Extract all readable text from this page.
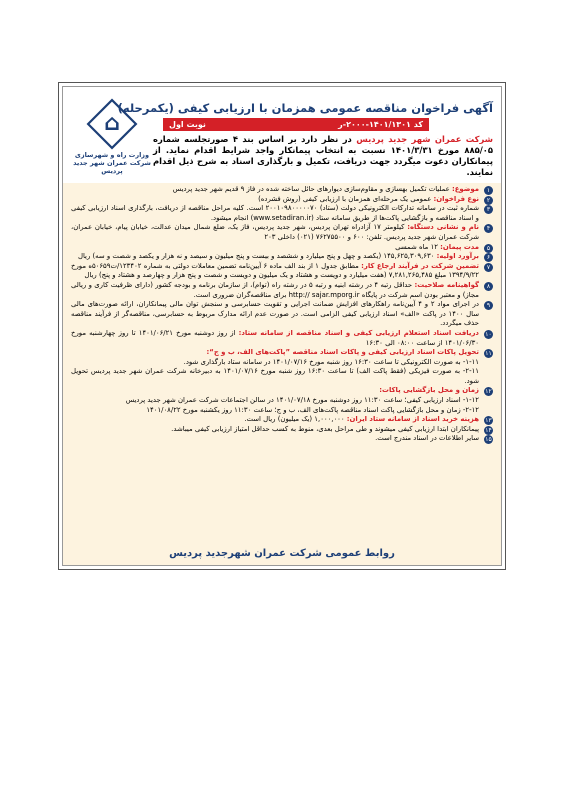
⌂
وزارت راه و شهرسازی
شرکت عمران شهر جدید پردیس
آگهی فراخوان مناقصه عمومی همزمان با ارزیابی کیفی (یکمرحله)
کد ۱۴۰۱/۱۳۰۱-۲۰۰۰-ر
نوبت اول
شرکت عمران شهر جدید پردیس در نظر دارد بر اساس بند ۴ صورتجلسه شماره ۸۸۵/۰۵ مورخ ۱۴۰۱/۳/۳۱ نسبت به انتخاب پیمانکار واجد شرایط اقدام نماید. از پیمانکاران دعوت میگردد جهت دریافت، تکمیل و بارگذاری اسناد به شرح ذیل اقدام نمایند.
۱
موضوع: عملیات تکمیل بهسازی و مقاوم‌سازی دیوارهای حائل ساخته شده در فاز ۹ قدیم شهر جدید پردیس
۲
نوع فراخوان: عمومی یک مرحله‌ای همزمان با ارزیابی کیفی (روش فشرده)
۳
شماره ثبت در سامانه تدارکات الکترونیکی دولت (ستاد) ۲۰۰۱۰۹۸۰۰۰۰۰۷۰ است. کلیه مراحل مناقصه از دریافت، بارگذاری اسناد ارزیابی کیفی و اسناد مناقصه و بازگشایی پاکت‌ها از طریق سامانه ستاد (www.setadiran.ir) انجام میشود.
۴
نام و نشانی دستگاه: کیلومتر ۱۷ آزادراه تهران پردیس، شهر جدید پردیس، فاز یک، ضلع شمال میدان عدالت، خیابان پیام، خیابان عمران، شرکت عمران شهر جدید پردیس. تلفن: ۶۰۰ و ۷۶۲۷۵۵۰۰ (۰۲۱) داخلی ۲۰۳
۵
مدت پیمان: ۱۲ ماه شمسی
۶
برآورد اولیه: ۱۴۵,۶۲۵,۳۰۹,۶۳۰ (یکصد و چهل و پنج میلیارد و ششصد و بیست و پنج میلیون و سیصد و نه هزار و یکصد و شصت و سه) ریال
۷
تضمین شرکت در فرآیند ارجاع کار: مطابق جدول ۱ از بند الف ماده ۶ آیین‌نامه تضمین معاملات دولتی به شماره ۱۲۳۴۰۲/ت۵۰۶۵۹ه مورخ ۱۳۹۴/۹/۲۲ مبلغ ۷,۲۸۱,۲۶۵,۴۸۵ (هفت میلیارد و دویست و هشتاد و یک میلیون و دویست و شصت و پنج هزار و چهارصد و هشتاد و پنج) ریال
۸
گواهینامه صلاحیت: حداقل رتبه ۴ در رشته ابنیه و رتبه ۵ در رشته راه (توام)، از سازمان برنامه و بودجه کشور (دارای ظرفیت کاری و ریالی مجاز) و معتبر بودن اسم شرکت در پایگاه http:// sajar.mporg.ir برای مناقصه‌گران ضروری است.
۹
در اجرای مواد ۲ و ۴ آیین‌نامه راهکارهای افزایش ضمانت اجرایی و تقویت حسابرسی و سنجش توان مالی پیمانکاران، ارائه صورت‌های مالی سال ۱۴۰۰ در پاکت «الف» اسناد ارزیابی کیفی الزامی است. در صورت عدم ارائه مدارک مربوط به حسابرسی، مناقصه‌گر از فرآیند مناقصه حذف میگردد.
۱۰
دریافت اسناد استعلام ارزیابی کیفی و اسناد مناقصه از سامانه ستاد: از روز دوشنبه مورخ ۱۴۰۱/۰۶/۲۱ تا روز چهارشنبه مورخ ۱۴۰۱/۰۶/۳۰ از ساعت ۰۸:۰۰ الی ۱۶:۳۰
۱۱
تحویل پاکات اسناد ارزیابی کیفی و پاکات اسناد مناقصه ”پاکت‌های الف، ب و ج“:
۱-۱۱- به صورت الکترونیکی تا ساعت ۱۶:۳۰ روز شنبه مورخ ۱۴۰۱/۰۷/۱۶ در سامانه ستاد بارگذاری شود.
۲-۱۱- به صورت فیزیکی (فقط پاکت الف) تا ساعت ۱۶:۳۰ روز شنبه مورخ ۱۴۰۱/۰۷/۱۶ به دبیرخانه شرکت عمران شهر جدید پردیس تحویل شود.
۱۲
زمان و محل بازگشایی پاکات:
۱-۱۲- اسناد ارزیابی کیفی؛ ساعت ۱۱:۳۰ روز دوشنبه مورخ ۱۴۰۱/۰۷/۱۸ در سالن اجتماعات شرکت عمران شهر جدید پردیس
۲-۱۲- زمان و محل بازگشایی پاکت اسناد مناقصه پاکت‌های الف، ب و ج؛ ساعت ۱۱:۳۰ روز یکشنبه مورخ ۱۴۰۱/۰۸/۲۲
۱۳
هزینه خرید اسناد از سامانه ستاد ایران: ۱,۰۰۰,۰۰۰ (یک میلیون) ریال است.
۱۴
پیمانکاران ابتدا ارزیابی کیفی میشوند و طی مراحل بعدی، منوط به کسب حداقل امتیاز ارزیابی کیفی میباشد.
۱۵
سایر اطلاعات در اسناد مندرج است.
روابط عمومی شرکت عمران شهرجدید پردیس
